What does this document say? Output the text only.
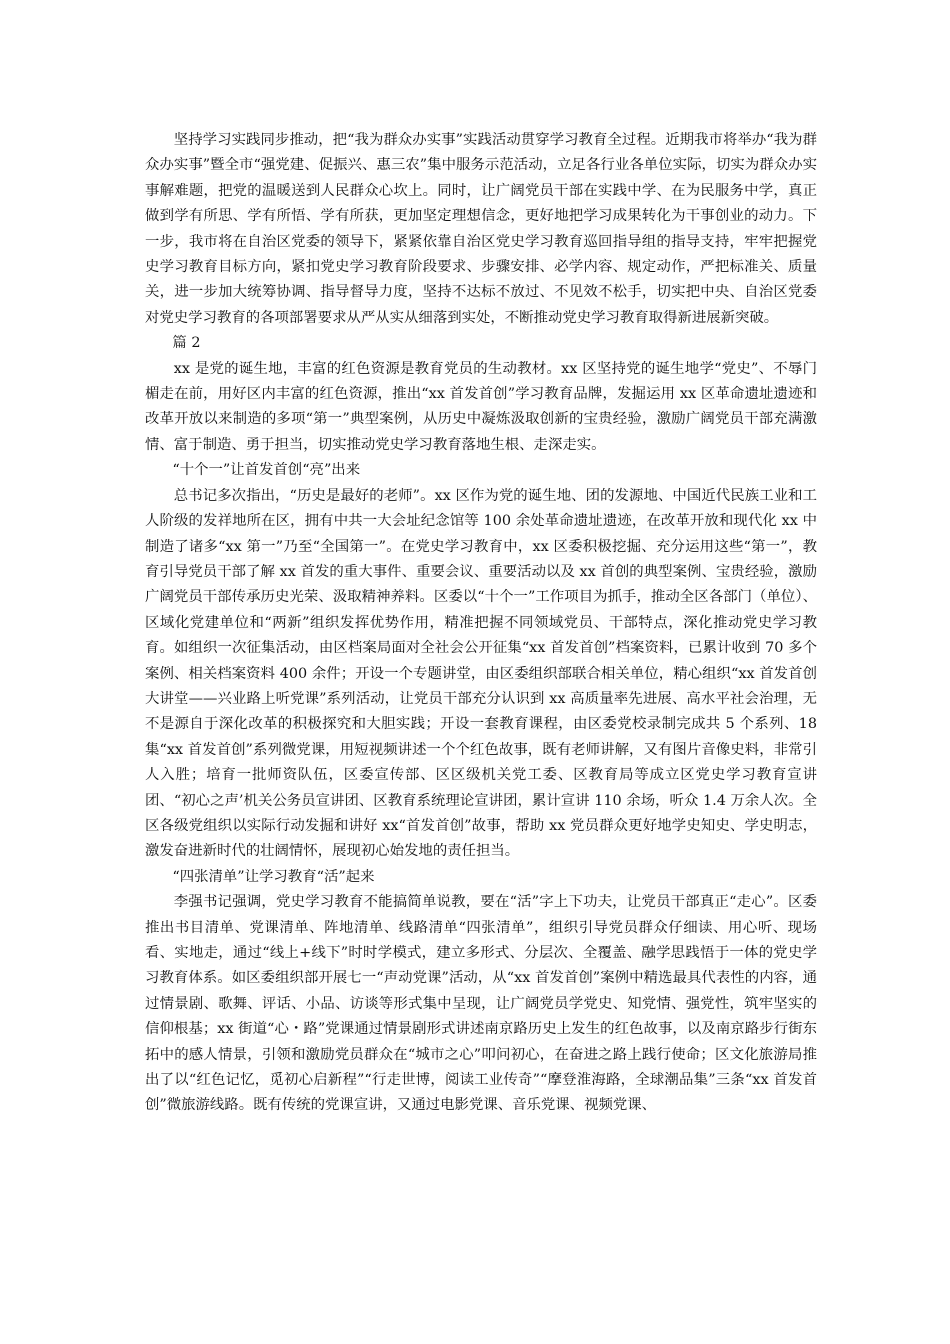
坚持学习实践同步推动，把“我为群众办实事”实践活动贯穿学习教育全过程。近期我市将举办“我为群众办实事”暨全市“强党建、促振兴、惠三农”集中服务示范活动，立足各行业各单位实际，切实为群众办实事解难题，把党的温暖送到人民群众心坎上。同时，让广阔党员干部在实践中学、在为民服务中学，真正做到学有所思、学有所悟、学有所获，更加坚定理想信念，更好地把学习成果转化为干事创业的动力。下一步，我市将在自治区党委的领导下，紧紧依靠自治区党史学习教育巡回指导组的指导支持，牢牢把握党史学习教育目标方向，紧扣党史学习教育阶段要求、步骤安排、必学内容、规定动作，严把标准关、质量关，进一步加大统筹协调、指导督导力度，坚持不达标不放过、不见效不松手，切实把中央、自治区党委对党史学习教育的各项部署要求从严从实从细落到实处，不断推动党史学习教育取得新进展新突破。

篇 2

xx 是党的诞生地，丰富的红色资源是教育党员的生动教材。xx 区坚持党的诞生地学“党史”、不辱门楣走在前，用好区内丰富的红色资源，推出“xx 首发首创”学习教育品牌，发掘运用 xx 区革命遗址遗迹和改革开放以来制造的多项“第一”典型案例，从历史中凝炼汲取创新的宝贵经验，激励广阔党员干部充满激情、富于制造、勇于担当，切实推动党史学习教育落地生根、走深走实。

“十个一”让首发首创“亮”出来

总书记多次指出，“历史是最好的老师”。xx 区作为党的诞生地、团的发源地、中国近代民族工业和工人阶级的发祥地所在区，拥有中共一大会址纪念馆等 100 余处革命遗址遗迹，在改革开放和现代化 xx 中制造了诸多“xx 第一”乃至“全国第一”。在党史学习教育中，xx 区委积极挖掘、充分运用这些“第一”，教育引导党员干部了解 xx 首发的重大事件、重要会议、重要活动以及 xx 首创的典型案例、宝贵经验，激励广阔党员干部传承历史光荣、汲取精神养料。区委以“十个一”工作项目为抓手，推动全区各部门（单位）、区域化党建单位和“两新”组织发挥优势作用，精准把握不同领域党员、干部特点，深化推动党史学习教育。如组织一次征集活动，由区档案局面对全社会公开征集“xx 首发首创”档案资料，已累计收到 70 多个案例、相关档案资料 400 余件；开设一个专题讲堂，由区委组织部联合相关单位，精心组织“xx 首发首创大讲堂——兴业路上听党课”系列活动，让党员干部充分认识到 xx 高质量率先进展、高水平社会治理，无不是源自于深化改革的积极探究和大胆实践；开设一套教育课程，由区委党校录制完成共 5 个系列、18 集“xx 首发首创”系列微党课，用短视频讲述一个个红色故事，既有老师讲解，又有图片音像史料，非常引人入胜；培育一批师资队伍，区委宣传部、区区级机关党工委、区教育局等成立区党史学习教育宣讲团、“初心之声’机关公务员宣讲团、区教育系统理论宣讲团，累计宣讲 110 余场，听众 1.4 万余人次。全区各级党组织以实际行动发掘和讲好 xx“首发首创”故事，帮助 xx 党员群众更好地学史知史、学史明志，激发奋进新时代的壮阔情怀，展现初心始发地的责任担当。

“四张清单”让学习教育“活”起来

李强书记强调，党史学习教育不能搞简单说教，要在“活”字上下功夫，让党员干部真正“走心”。区委推出书目清单、党课清单、阵地清单、线路清单“四张清单”，组织引导党员群众仔细读、用心听、现场看、实地走，通过“线上+线下”时时学模式，建立多形式、分层次、全覆盖、融学思践悟于一体的党史学习教育体系。如区委组织部开展七一“声动党课”活动，从“xx 首发首创”案例中精选最具代表性的内容，通过情景剧、歌舞、评话、小品、访谈等形式集中呈现，让广阔党员学党史、知党情、强党性，筑牢坚实的信仰根基；xx 街道“心・路”党课通过情景剧形式讲述南京路历史上发生的红色故事，以及南京路步行街东拓中的感人情景，引领和激励党员群众在“城市之心”叩问初心，在奋进之路上践行使命；区文化旅游局推出了以“红色记忆，觅初心启新程”“行走世博，阅读工业传奇”“摩登淮海路，全球潮品集”三条“xx 首发首创”微旅游线路。既有传统的党课宣讲，又通过电影党课、音乐党课、视频党课、
